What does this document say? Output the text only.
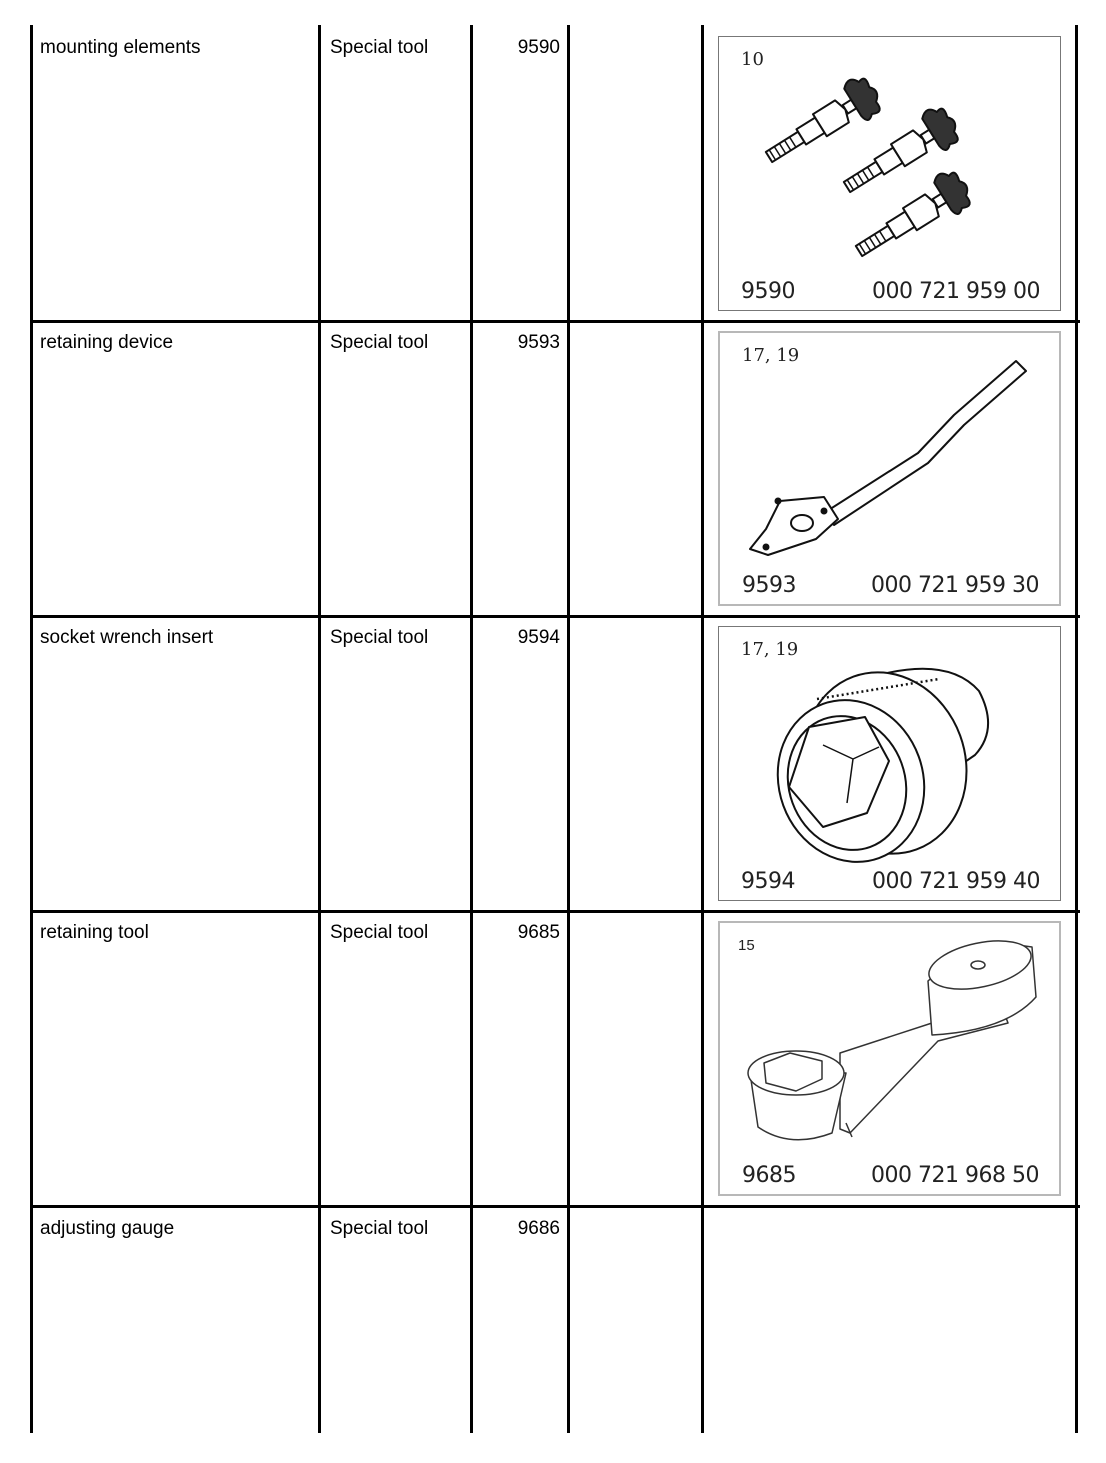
mounting elements	Special tool	9590
10
9590	000 721 959 00
retaining device	Special tool	9593
17, 19
9593	000 721 959 30
socket wrench insert	Special tool	9594
17, 19
9594	000 721 959 40
retaining tool	Special tool	9685
15
9685	000 721 968 50
adjusting gauge	Special tool	9686
